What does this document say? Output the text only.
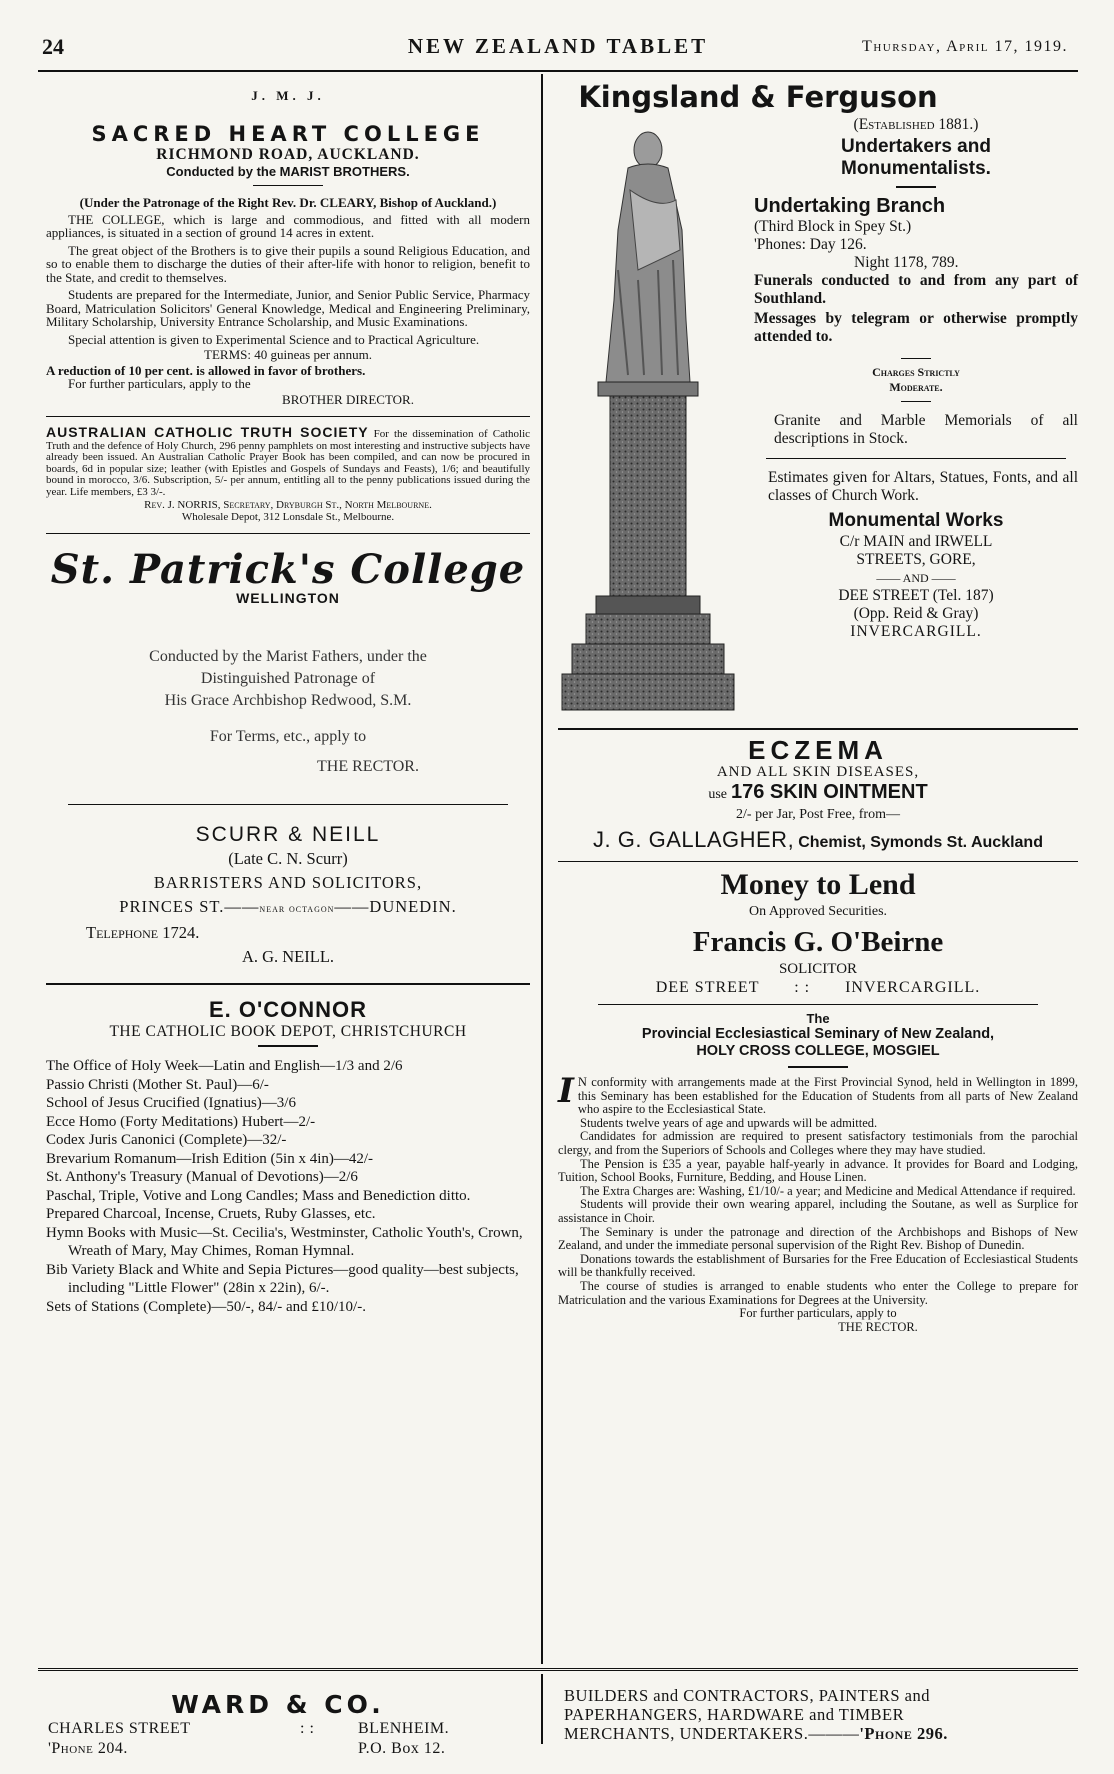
24	NEW ZEALAND TABLET	Thursday, April 17, 1919.
J. M. J.
SACRED HEART COLLEGE
RICHMOND ROAD, AUCKLAND.
Conducted by the MARIST BROTHERS.

(Under the Patronage of the Right Rev. Dr. CLEARY, Bishop of Auckland.)

THE COLLEGE, which is large and commodious, and fitted with all modern appliances, is situated in a section of ground 14 acres in extent.

The great object of the Brothers is to give their pupils a sound Religious Education, and so to enable them to discharge the duties of their after-life with honor to religion, benefit to the State, and credit to themselves.

Students are prepared for the Intermediate, Junior, and Senior Public Service, Pharmacy Board, Matriculation Solicitors' General Knowledge, Medical and Engineering Preliminary, Military Scholarship, University Entrance Scholarship, and Music Examinations.

Special attention is given to Experimental Science and to Practical Agriculture.

TERMS: 40 guineas per annum.

A reduction of 10 per cent. is allowed in favor of brothers.

For further particulars, apply to the

BROTHER DIRECTOR.

AUSTRALIAN CATHOLIC TRUTH SOCIETY For the dissemination of Catholic Truth and the defence of Holy Church, 296 penny pamphlets on most interesting and instructive subjects have already been issued. An Australian Catholic Prayer Book has been compiled, and can now be procured in boards, 6d in popular size; leather (with Epistles and Gospels of Sundays and Feasts), 1/6; and beautifully bound in morocco, 3/6. Subscription, 5/- per annum, entitling all to the penny publications issued during the year. Life members, £3 3/-.

Rev. J. NORRIS, Secretary, Dryburgh St., North Melbourne.

Wholesale Depot, 312 Lonsdale St., Melbourne.

St. Patrick's College
WELLINGTON

Conducted by the Marist Fathers, under the

Distinguished Patronage of

His Grace Archbishop Redwood, S.M.

For Terms, etc., apply to

THE RECTOR.

SCURR & NEILL
(Late C. N. Scurr)
BARRISTERS AND SOLICITORS,
PRINCES ST.——near octagon——DUNEDIN.
Telephone 1724.
A. G. NEILL.
E. O'CONNOR
THE CATHOLIC BOOK DEPOT, CHRISTCHURCH

The Office of Holy Week—Latin and English—1/3 and 2/6

Passio Christi (Mother St. Paul)—6/-

School of Jesus Crucified (Ignatius)—3/6

Ecce Homo (Forty Meditations) Hubert—2/-

Codex Juris Canonici (Complete)—32/-

Brevarium Romanum—Irish Edition (5in x 4in)—42/-

St. Anthony's Treasury (Manual of Devotions)—2/6

Paschal, Triple, Votive and Long Candles; Mass and Benediction ditto.

Prepared Charcoal, Incense, Cruets, Ruby Glasses, etc.

Hymn Books with Music—St. Cecilia's, Westminster, Catholic Youth's, Crown, Wreath of Mary, May Chimes, Roman Hymnal.

Bib Variety Black and White and Sepia Pictures—good quality—best subjects, including "Little Flower" (28in x 22in), 6/-.

Sets of Stations (Complete)—50/-, 84/- and £10/10/-.

Kingsland & Ferguson
(Established 1881.)
Undertakers and
Monumentalists.
Undertaking Branch
(Third Block in Spey St.)
'Phones: Day 126.
Night 1178, 789.
Funerals conducted to and from any part of Southland.
Messages by telegram or otherwise promptly attended to.
Charges Strictly
Moderate.
Granite and Marble Memorials of all descriptions in Stock.
Estimates given for Altars, Statues, Fonts, and all classes of Church Work.
Monumental Works
C/r MAIN and IRWELL
STREETS, GORE,
—— AND ——
DEE STREET (Tel. 187)
(Opp. Reid & Gray)
INVERCARGILL.
ECZEMA
AND ALL SKIN DISEASES,
use 176 SKIN OINTMENT
2/- per Jar, Post Free, from—
J. G. GALLAGHER, Chemist, Symonds St. Auckland
Money to Lend
On Approved Securities.
Francis G. O'Beirne
SOLICITOR
DEE STREET : : INVERCARGILL.
The
Provincial Ecclesiastical Seminary of New Zealand,
HOLY CROSS COLLEGE, MOSGIEL

I N conformity with arrangements made at the First Provincial Synod, held in Wellington in 1899, this Seminary has been established for the Education of Students from all parts of New Zealand who aspire to the Ecclesiastical State.

Students twelve years of age and upwards will be admitted.

Candidates for admission are required to present satisfactory testimonials from the parochial clergy, and from the Superiors of Schools and Colleges where they may have studied.

The Pension is £35 a year, payable half-yearly in advance. It provides for Board and Lodging, Tuition, School Books, Furniture, Bedding, and House Linen.

The Extra Charges are: Washing, £1/10/- a year; and Medicine and Medical Attendance if required.

Students will provide their own wearing apparel, including the Soutane, as well as Surplice for assistance in Choir.

The Seminary is under the patronage and direction of the Archbishops and Bishops of New Zealand, and under the immediate personal supervision of the Right Rev. Bishop of Dunedin.

Donations towards the establishment of Bursaries for the Free Education of Ecclesiastical Students will be thankfully received.

The course of studies is arranged to enable students who enter the College to prepare for Matriculation and the various Examinations for Degrees at the University.

For further particulars, apply to

THE RECTOR.

WARD & CO.
CHARLES STREET	: :	BLENHEIM.
'Phone 204.	P.O. Box 12.
BUILDERS and CONTRACTORS, PAINTERS and
PAPERHANGERS, HARDWARE and TIMBER
MERCHANTS, UNDERTAKERS.———'Phone 296.
